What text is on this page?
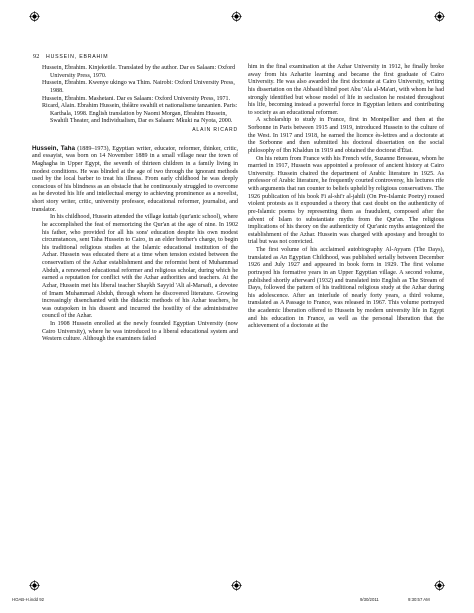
92 HUSSEIN, EBRAHIM

Hussein, Ebrahim. Kinjeketile. Translated by the author. Dar es Salaam: Oxford University Press, 1970.

Hussein, Ebrahim. Kwenye ukingo wa Thim. Nairobi: Oxford University Press, 1988.

Hussein, Ebrahim. Mashetani. Dar es Salaam: Oxford University Press, 1971.

Ricard, Alain. Ebrahim Hussein, théâtre swahili et nationalisme tanzanien. Paris: Karthala, 1998. English translation by Naomi Morgan, Ebrahim Hussein, Swahili Theater, and Individualism, Dar es Salaam: Mkuki na Nyota, 2000.

ALAIN RICARD

Hussein, Taha (1889–1973), Egyptian writer, educator, reformer, thinker, critic, and essayist, was born on 14 November 1889 in a small village near the town of Maghagha in Upper Egypt, the seventh of thirteen children in a family living in modest conditions. He was blinded at the age of two through the ignorant methods used by the local barber to treat his illness. From early childhood he was deeply conscious of his blindness as an obstacle that he continuously struggled to overcome as he devoted his life and intellectual energy to achieving prominence as a novelist, short story writer, critic, university professor, educational reformer, journalist, and translator.

In his childhood, Hussein attended the village kuttab (qur'anic school), where he accomplished the feat of memorizing the Qur'an at the age of nine. In 1902 his father, who provided for all his sons' education despite his own modest circumstances, sent Taha Hussein to Cairo, in an elder brother's charge, to begin his traditional religious studies at the Islamic educational institution of the Azhar. Hussein was educated there at a time when tension existed between the conservatism of the Azhar establishment and the reformist bent of Muhammad Abduh, a renowned educational reformer and religious scholar, during which he earned a reputation for conflict with the Azhar authorities and teachers. At the Azhar, Hussein met his liberal teacher Shaykh Sayyid 'Ali al-Marsafi, a devotee of Imam Muhammad Abduh, through whom he discovered literature. Growing increasingly disenchanted with the didactic methods of his Azhar teachers, he was outspoken in his dissent and incurred the hostility of the administrative council of the Azhar.

In 1908 Hussein enrolled at the newly founded Egyptian University (now Cairo University), where he was introduced to a liberal educational system and Western culture. Although the examiners failed

him in the final examination at the Azhar University in 1912, he finally broke away from his Azharite learning and became the first graduate of Cairo University. He was also awarded the first doctorate at Cairo University, writing his dissertation on the Abbasid blind poet Abu 'Ala al-Ma'ari, with whom he had strongly identified but whose model of life in seclusion he resisted throughout his life, becoming instead a powerful force in Egyptian letters and contributing to society as an educational reformer.

A scholarship to study in France, first in Montpellier and then at the Sorbonne in Paris between 1915 and 1919, introduced Hussein to the culture of the West. In 1917 and 1918, he earned the licence ès-lettres and a doctorate at the Sorbonne and then submitted his doctoral dissertation on the social philosophy of Ibn Khaldun in 1919 and obtained the doctorat d'État.

On his return from France with his French wife, Suzanne Bresseau, whom he married in 1917, Hussein was appointed a professor of ancient history at Cairo University. Hussein chaired the department of Arabic literature in 1925. As professor of Arabic literature, he frequently courted controversy, his lectures rife with arguments that ran counter to beliefs upheld by religious conservatives. The 1926 publication of his book Fi al-shi'r al-jahili (On Pre-Islamic Poetry) roused violent protests as it expounded a theory that cast doubt on the authenticity of pre-Islamic poems by representing them as fraudulent, composed after the advent of Islam to substantiate myths from the Qur'an. The religious implications of his theory on the authenticity of Qur'anic myths antagonized the establishment of the Azhar. Hussein was charged with apostasy and brought to trial but was not convicted.

The first volume of his acclaimed autobiography Al-Ayyam (The Days), translated as An Egyptian Childhood, was published serially between December 1926 and July 1927 and appeared in book form in 1929. The first volume portrayed his formative years in an Upper Egyptian village. A second volume, published shortly afterward (1932) and translated into English as The Stream of Days, followed the pattern of his traditional religious study at the Azhar during his adolescence. After an interlude of nearly forty years, a third volume, translated as A Passage to France, was released in 1967. This volume portrayed the academic liberation offered to Hussein by modern university life in Egypt and his education in France, as well as the personal liberation that the achievement of a doctorate at the

HOAB-H.indd 92	9/30/2011	9:30:57 AM
